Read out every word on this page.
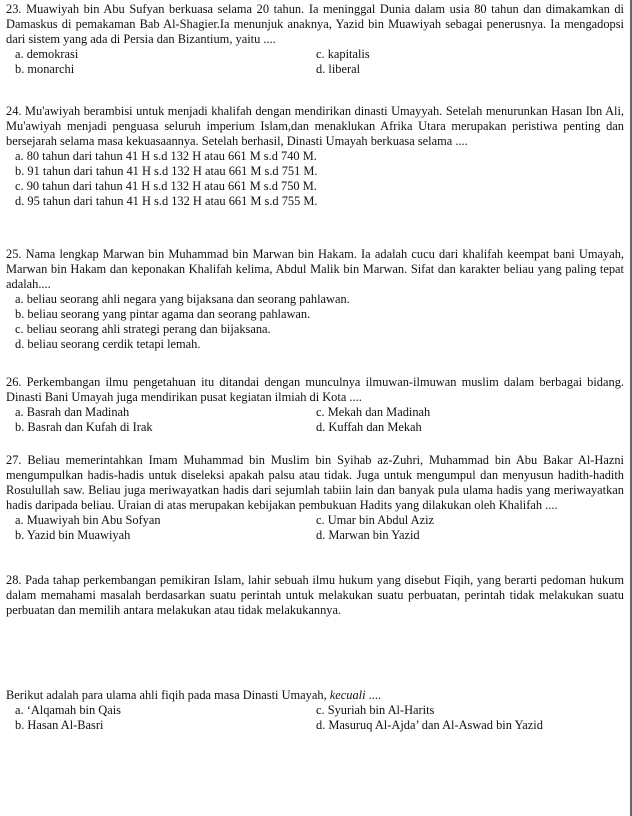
23. Muawiyah bin Abu Sufyan berkuasa selama 20 tahun. Ia meninggal Dunia dalam usia 80 tahun dan dimakamkan di Damaskus di pemakaman Bab Al-Shagier.Ia menunjuk anaknya, Yazid bin Muawiyah sebagai penerusnya. Ia mengadopsi dari sistem yang ada di Persia dan Bizantium, yaitu ....
a. demokrasi	c. kapitalis
b. monarchi	d. liberal
24. Mu'awiyah berambisi untuk menjadi khalifah dengan mendirikan dinasti Umayyah. Setelah menurunkan Hasan Ibn Ali, Mu'awiyah menjadi penguasa seluruh imperium Islam,dan menaklukan Afrika Utara merupakan peristiwa penting dan bersejarah selama masa kekuasaannya. Setelah berhasil, Dinasti Umayah berkuasa selama ....
a. 80 tahun dari tahun 41 H s.d 132 H atau 661 M s.d 740 M.
b. 91 tahun dari tahun 41 H s.d 132 H atau 661 M s.d 751 M.
c. 90 tahun dari tahun 41 H s.d 132 H atau 661 M s.d 750 M.
d. 95 tahun dari tahun 41 H s.d 132 H atau 661 M s.d 755 M.
25. Nama lengkap Marwan bin Muhammad bin Marwan bin Hakam. Ia adalah cucu dari khalifah keempat bani Umayah, Marwan bin Hakam dan keponakan Khalifah kelima, Abdul Malik bin Marwan. Sifat dan karakter beliau yang paling tepat adalah....
a. beliau seorang ahli negara yang bijaksana dan seorang pahlawan.
b. beliau seorang yang pintar agama dan seorang pahlawan.
c. beliau seorang ahli strategi perang dan bijaksana.
d. beliau seorang cerdik tetapi lemah.
26. Perkembangan ilmu pengetahuan itu ditandai dengan munculnya ilmuwan-ilmuwan muslim dalam berbagai bidang. Dinasti Bani Umayah juga mendirikan pusat kegiatan ilmiah di Kota ....
a. Basrah dan Madinah	c. Mekah dan Madinah
b. Basrah dan Kufah di Irak	d. Kuffah dan Mekah
27. Beliau memerintahkan Imam Muhammad bin Muslim bin Syihab az-Zuhri, Muhammad bin Abu Bakar Al-Hazni mengumpulkan hadis-hadis untuk diseleksi apakah palsu atau tidak. Juga untuk mengumpul dan menyusun hadith-hadith Rosulullah saw. Beliau juga meriwayatkan hadis dari sejumlah tabiin lain dan banyak pula ulama hadis yang meriwayatkan hadis daripada beliau. Uraian di atas merupakan kebijakan pembukuan Hadits yang dilakukan oleh Khalifah ....
a. Muawiyah bin Abu Sofyan	c. Umar bin Abdul Aziz
b. Yazid bin Muawiyah	d. Marwan bin Yazid
28. Pada tahap perkembangan pemikiran Islam, lahir sebuah ilmu hukum yang disebut Fiqih, yang berarti pedoman hukum dalam memahami masalah berdasarkan suatu perintah untuk melakukan suatu perbuatan, perintah tidak melakukan suatu perbuatan dan memilih antara melakukan atau tidak melakukannya.
Berikut adalah para ulama ahli fiqih pada masa Dinasti Umayah, kecuali ....
a. ‘Alqamah bin Qais	c. Syuriah bin Al-Harits
b. Hasan Al-Basri	d. Masuruq Al-Ajda’ dan Al-Aswad bin Yazid
